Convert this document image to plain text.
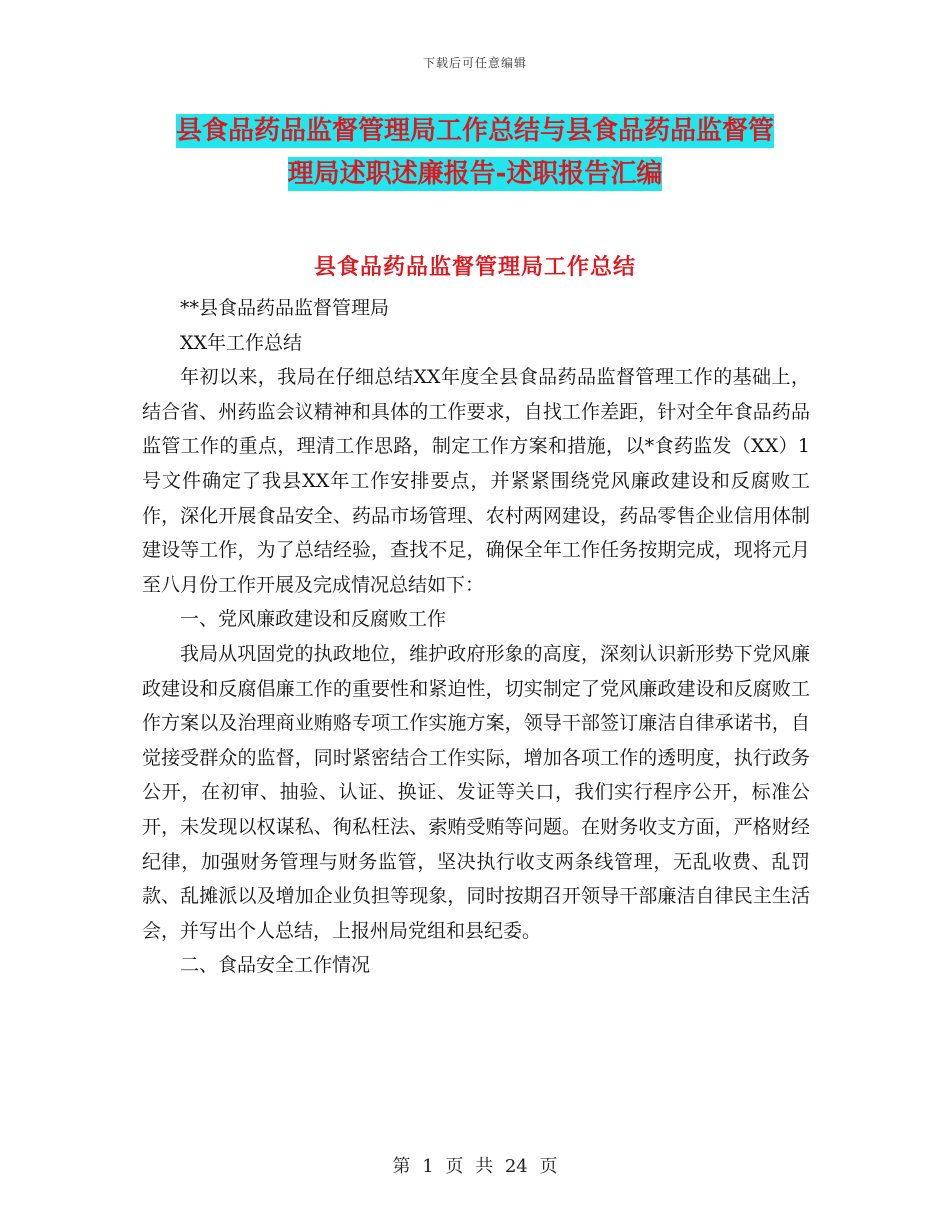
下载后可任意编辑
县食品药品监督管理局工作总结与县食品药品监督管
理局述职述廉报告-述职报告汇编
县食品药品监督管理局工作总结

**县食品药品监督管理局

XX年工作总结

年初以来，我局在仔细总结XX年度全县食品药品监督管理工作的基础上，结合省、州药监会议精神和具体的工作要求，自找工作差距，针对全年食品药品监管工作的重点，理清工作思路，制定工作方案和措施，以*食药监发（XX）1号文件确定了我县XX年工作安排要点，并紧紧围绕党风廉政建设和反腐败工作，深化开展食品安全、药品市场管理、农村两网建设，药品零售企业信用体制建设等工作，为了总结经验，查找不足，确保全年工作任务按期完成，现将元月至八月份工作开展及完成情况总结如下：

一、党风廉政建设和反腐败工作

我局从巩固党的执政地位，维护政府形象的高度，深刻认识新形势下党风廉政建设和反腐倡廉工作的重要性和紧迫性，切实制定了党风廉政建设和反腐败工作方案以及治理商业贿赂专项工作实施方案，领导干部签订廉洁自律承诺书，自觉接受群众的监督，同时紧密结合工作实际，增加各项工作的透明度，执行政务公开，在初审、抽验、认证、换证、发证等关口，我们实行程序公开，标准公开，未发现以权谋私、徇私枉法、索贿受贿等问题。在财务收支方面，严格财经纪律，加强财务管理与财务监管，坚决执行收支两条线管理，无乱收费、乱罚款、乱摊派以及增加企业负担等现象，同时按期召开领导干部廉洁自律民主生活会，并写出个人总结，上报州局党组和县纪委。

二、食品安全工作情况

第 1 页 共 24 页
